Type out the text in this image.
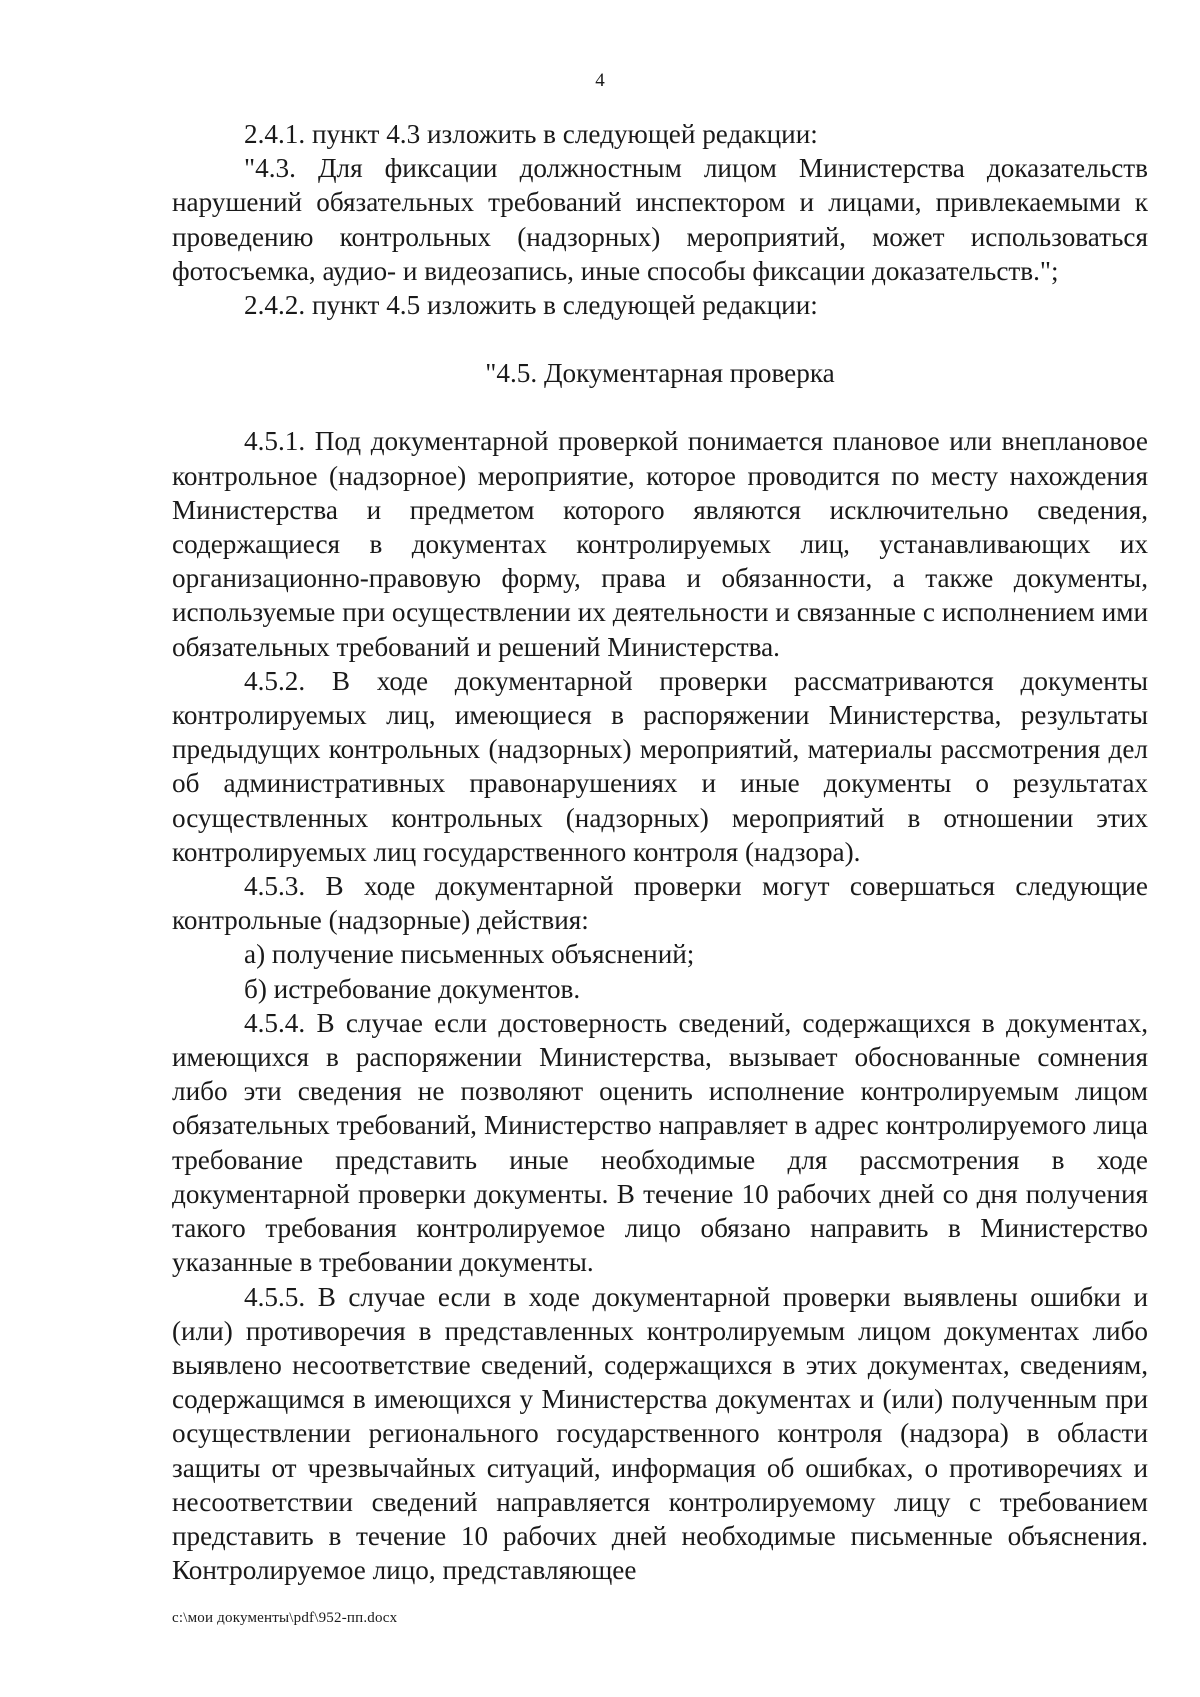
4

2.4.1. пункт 4.3 изложить в следующей редакции:

"4.3. Для фиксации должностным лицом Министерства доказательств нарушений обязательных требований инспектором и лицами, привлекаемыми к проведению контрольных (надзорных) мероприятий, может использоваться фотосъемка, аудио- и видеозапись, иные способы фиксации доказательств.";

2.4.2. пункт 4.5 изложить в следующей редакции:

"4.5. Документарная проверка

4.5.1. Под документарной проверкой понимается плановое или внеплановое контрольное (надзорное) мероприятие, которое проводится по месту нахождения Министерства и предметом которого являются исключительно сведения, содержащиеся в документах контролируемых лиц, устанавливающих их организационно-правовую форму, права и обязанности, а также документы, используемые при осуществлении их деятельности и связанные с исполнением ими обязательных требований и решений Министерства.

4.5.2. В ходе документарной проверки рассматриваются документы контролируемых лиц, имеющиеся в распоряжении Министерства, результаты предыдущих контрольных (надзорных) мероприятий, материалы рассмотрения дел об административных правонарушениях и иные документы о результатах осуществленных контрольных (надзорных) мероприятий в отношении этих контролируемых лиц государственного контроля (надзора).

4.5.3. В ходе документарной проверки могут совершаться следующие контрольные (надзорные) действия:

а) получение письменных объяснений;

б) истребование документов.

4.5.4. В случае если достоверность сведений, содержащихся в документах, имеющихся в распоряжении Министерства, вызывает обоснованные сомнения либо эти сведения не позволяют оценить исполнение контролируемым лицом обязательных требований, Министерство направляет в адрес контролируемого лица требование представить иные необходимые для рассмотрения в ходе документарной проверки документы. В течение 10 рабочих дней со дня получения такого требования контролируемое лицо обязано направить в Министерство указанные в требовании документы.

4.5.5. В случае если в ходе документарной проверки выявлены ошибки и (или) противоречия в представленных контролируемым лицом документах либо выявлено несоответствие сведений, содержащихся в этих документах, сведениям, содержащимся в имеющихся у Министерства документах и (или) полученным при осуществлении регионального государственного контроля (надзора) в области защиты от чрезвычайных ситуаций, информация об ошибках, о противоречиях и несоответствии сведений направляется контролируемому лицу с требованием представить в течение 10 рабочих дней необходимые письменные объяснения. Контролируемое лицо, представляющее

c:\мои документы\pdf\952-пп.docx
